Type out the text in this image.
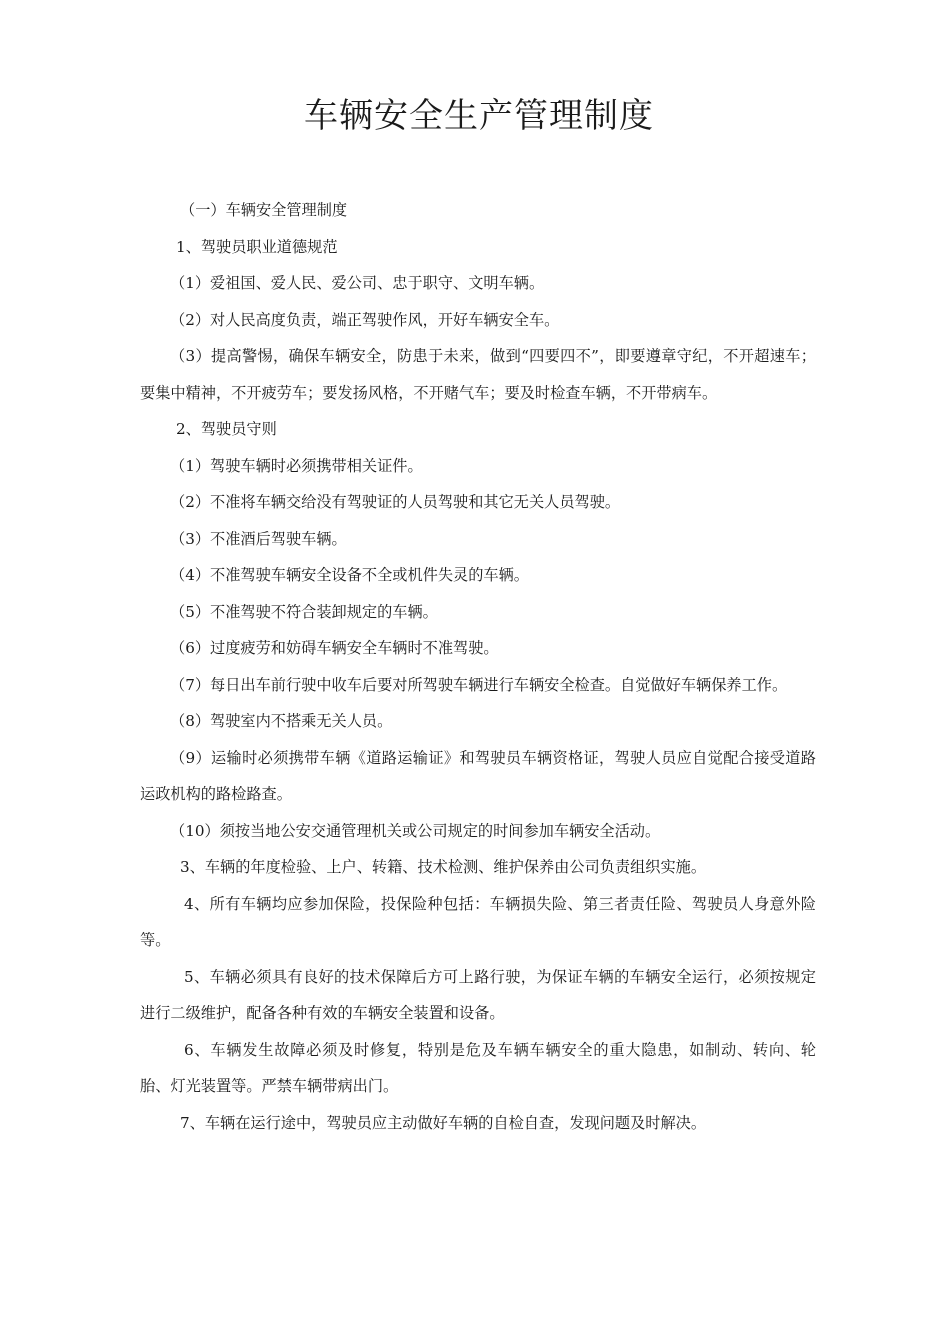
车辆安全生产管理制度

（一）车辆安全管理制度

1、驾驶员职业道德规范

（1）爱祖国、爱人民、爱公司、忠于职守、文明车辆。

（2）对人民高度负责，端正驾驶作风，开好车辆安全车。

（3）提高警惕，确保车辆安全，防患于未来，做到“四要四不”，即要遵章守纪，不开超速车；要集中精神，不开疲劳车；要发扬风格，不开赌气车；要及时检查车辆，不开带病车。

2、驾驶员守则

（1）驾驶车辆时必须携带相关证件。

（2）不准将车辆交给没有驾驶证的人员驾驶和其它无关人员驾驶。

（3）不准酒后驾驶车辆。

（4）不准驾驶车辆安全设备不全或机件失灵的车辆。

（5）不准驾驶不符合装卸规定的车辆。

（6）过度疲劳和妨碍车辆安全车辆时不准驾驶。

（7）每日出车前行驶中收车后要对所驾驶车辆进行车辆安全检查。自觉做好车辆保养工作。

（8）驾驶室内不搭乘无关人员。

（9）运输时必须携带车辆《道路运输证》和驾驶员车辆资格证，驾驶人员应自觉配合接受道路运政机构的路检路查。

（10）须按当地公安交通管理机关或公司规定的时间参加车辆安全活动。

3、车辆的年度检验、上户、转籍、技术检测、维护保养由公司负责组织实施。

4、所有车辆均应参加保险，投保险种包括：车辆损失险、第三者责任险、驾驶员人身意外险等。

5、车辆必须具有良好的技术保障后方可上路行驶，为保证车辆的车辆安全运行，必须按规定进行二级维护，配备各种有效的车辆安全装置和设备。

6、车辆发生故障必须及时修复，特别是危及车辆车辆安全的重大隐患，如制动、转向、轮胎、灯光装置等。严禁车辆带病出门。

7、车辆在运行途中，驾驶员应主动做好车辆的自检自查，发现问题及时解决。
